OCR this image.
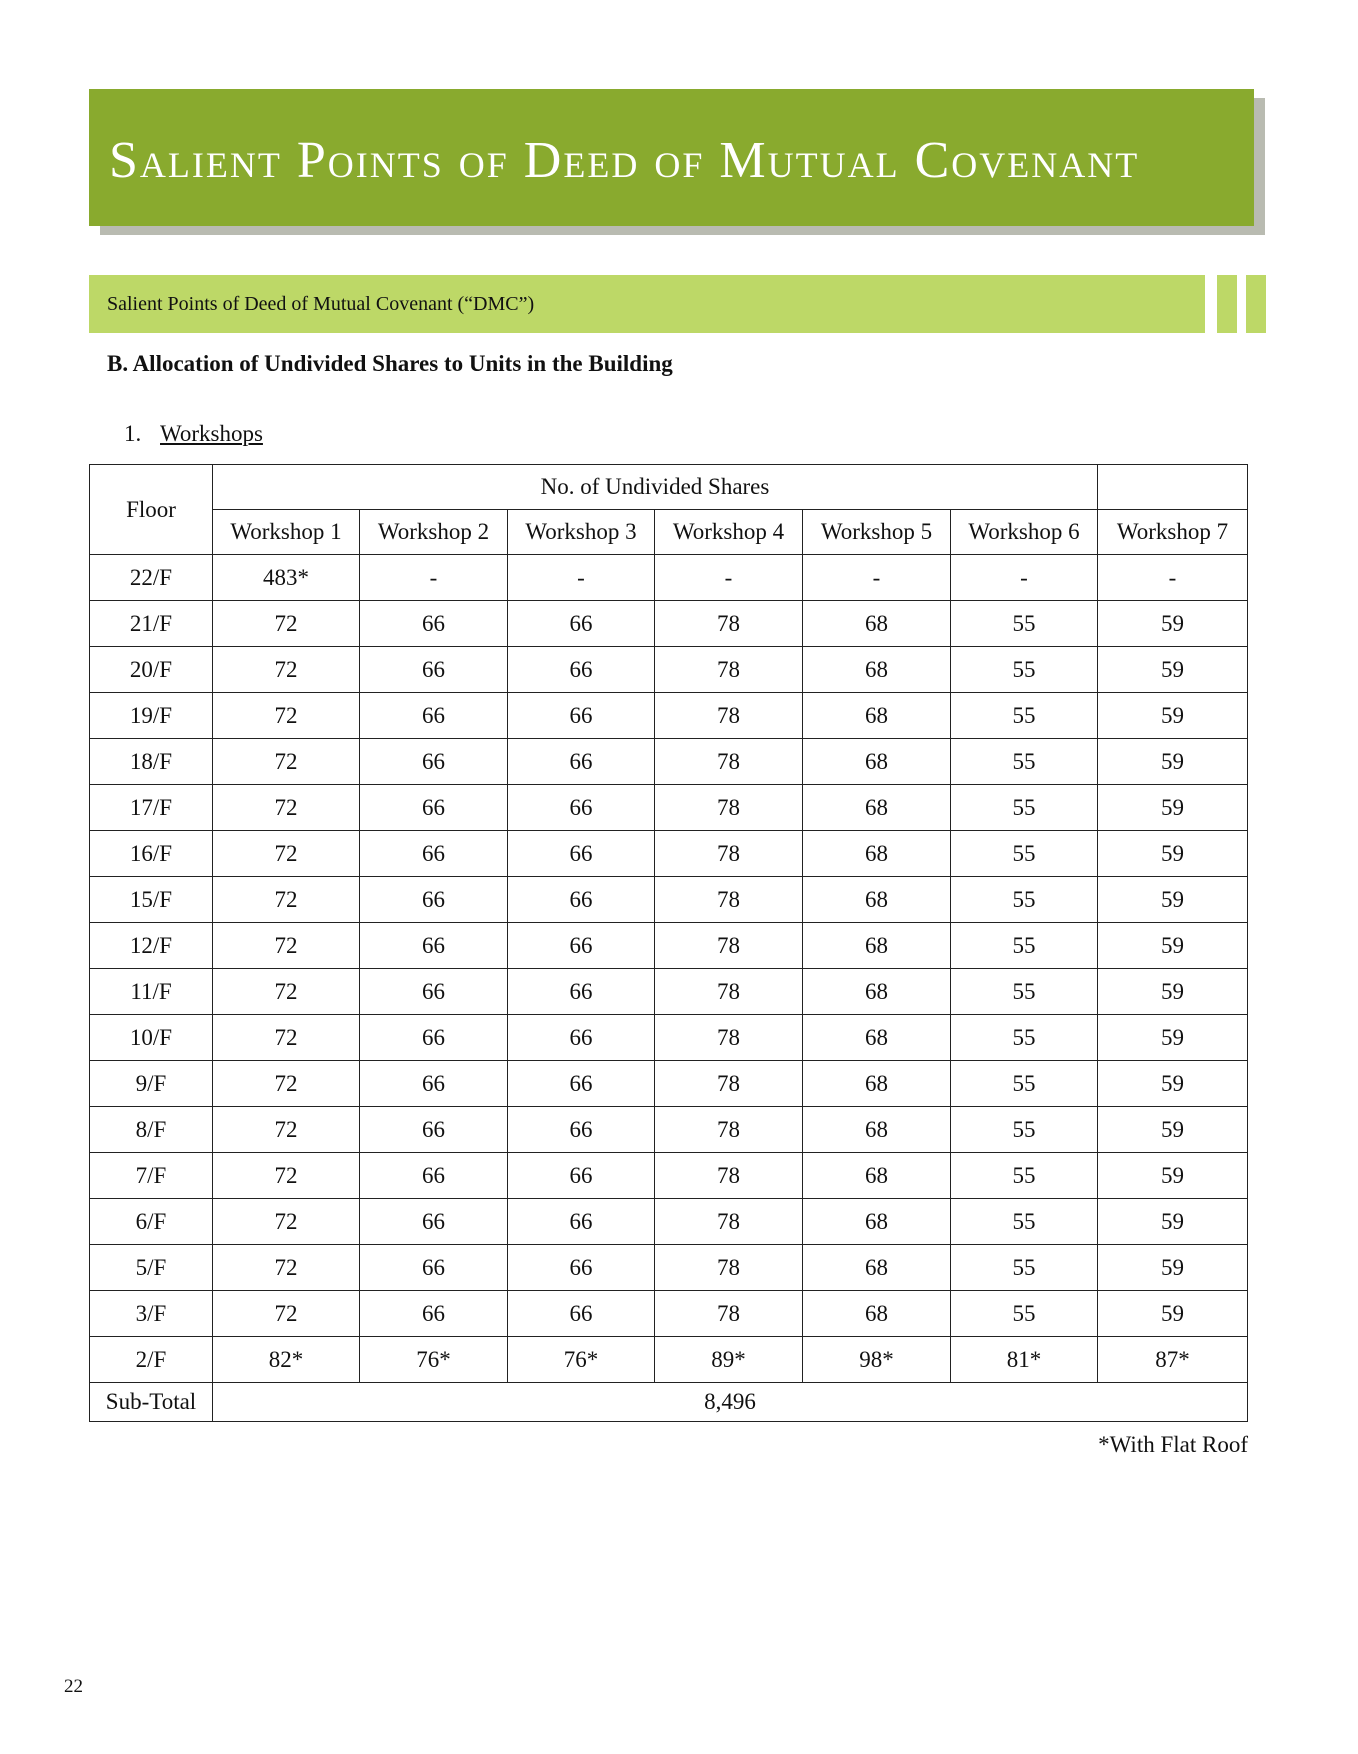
Salient Points of Deed of Mutual Covenant
Salient Points of Deed of Mutual Covenant (“DMC”)
B. Allocation of Undivided Shares to Units in the Building
1. Workshops
Floor	No. of Undivided Shares						
	Workshop 1	Workshop 2	Workshop 3	Workshop 4	Workshop 5	Workshop 6	Workshop 7
22/F	483*	-	-	-	-	-	-
21/F	72	66	66	78	68	55	59
20/F	72	66	66	78	68	55	59
19/F	72	66	66	78	68	55	59
18/F	72	66	66	78	68	55	59
17/F	72	66	66	78	68	55	59
16/F	72	66	66	78	68	55	59
15/F	72	66	66	78	68	55	59
12/F	72	66	66	78	68	55	59
11/F	72	66	66	78	68	55	59
10/F	72	66	66	78	68	55	59
9/F	72	66	66	78	68	55	59
8/F	72	66	66	78	68	55	59
7/F	72	66	66	78	68	55	59
6/F	72	66	66	78	68	55	59
5/F	72	66	66	78	68	55	59
3/F	72	66	66	78	68	55	59
2/F	82*	76*	76*	89*	98*	81*	87*
Sub-Total	8,496						
*With Flat Roof
22
